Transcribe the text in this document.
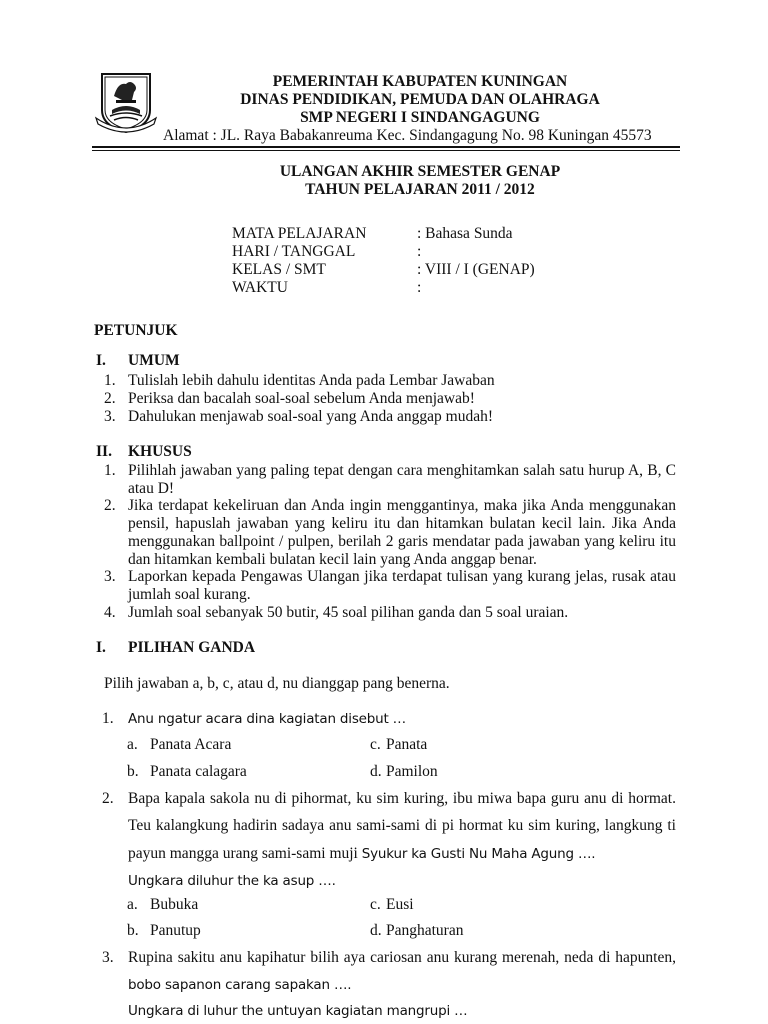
PEMERINTAH KABUPATEN KUNINGAN
DINAS PENDIDIKAN, PEMUDA DAN OLAHRAGA
SMP NEGERI I SINDANGAGUNG
Alamat : JL. Raya Babakanreuma Kec. Sindangagung No. 98 Kuningan 45573
ULANGAN AKHIR SEMESTER GENAP
TAHUN PELAJARAN 2011 / 2012
MATA PELAJARAN	: Bahasa Sunda
HARI / TANGGAL	:
KELAS / SMT	: VIII / I (GENAP)
WAKTU	:
PETUNJUK
I. UMUM
1. Tulislah lebih dahulu identitas Anda pada Lembar Jawaban
2. Periksa dan bacalah soal-soal sebelum Anda menjawab!
3. Dahulukan menjawab soal-soal yang Anda anggap mudah!
II. KHUSUS
1. Pilihlah jawaban yang paling tepat dengan cara menghitamkan salah satu hurup A, B, C
atau D!
2. Jika terdapat kekeliruan dan Anda ingin menggantinya, maka jika Anda menggunakan
pensil, hapuslah jawaban yang keliru itu dan hitamkan bulatan kecil lain. Jika Anda
menggunakan ballpoint / pulpen, berilah 2 garis mendatar pada jawaban yang keliru itu
dan hitamkan kembali bulatan kecil lain yang Anda anggap benar.
3. Laporkan kepada Pengawas Ulangan jika terdapat tulisan yang kurang jelas, rusak atau
jumlah soal kurang.
4. Jumlah soal sebanyak 50 butir, 45 soal pilihan ganda dan 5 soal uraian.
I. PILIHAN GANDA
Pilih jawaban a, b, c, atau d, nu dianggap pang benerna.
1. Anu ngatur acara dina kagiatan disebut …
a. Panata Acara	c. Panata
b. Panata calagara	d. Pamilon
2. Bapa kapala sakola nu di pihormat, ku sim kuring, ibu miwa bapa guru anu di hormat.
Teu kalangkung hadirin sadaya anu sami-sami di pi hormat ku sim kuring, langkung ti
payun mangga urang sami-sami muji Syukur ka Gusti Nu Maha Agung ….
Ungkara diluhur the ka asup ….
a. Bubuka	c. Eusi
b. Panutup	d. Panghaturan
3. Rupina sakitu anu kapihatur bilih aya cariosan anu kurang merenah, neda di hapunten,
bobo sapanon carang sapakan ….
Ungkara di luhur the untuyan kagiatan mangrupi …
